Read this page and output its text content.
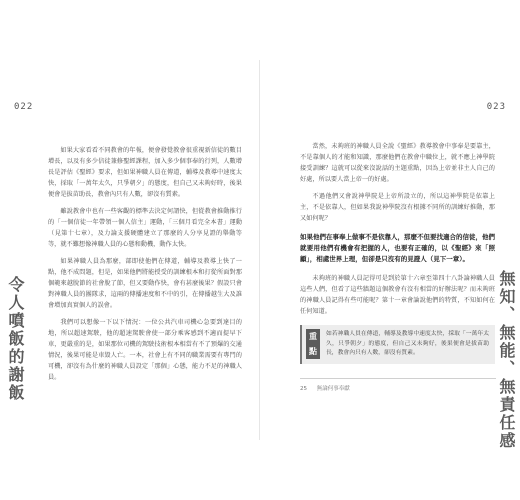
022
令人噴飯的謝飯

如果大家看看不同教會的年報，便會發覺教會很重視新信徒的數目增長，以及有多少信徒兼修聖經課程，加入多少個事奉的行列，人數增長是評估《聖經》要求，但如果神職人員在傳道，輔導及教導中速度太快，採取「一萬年太久，只爭朝夕」的態度，但自己又未夠好時，後果便會是拔苗助長，教會內只有人數，卻沒有質素。

雖說教會中也有一些客觀的標準去決定何謂快，但從教會推動推行的「一個信徒一年帶領一個人信主」運動，「三個月看完全本書」運動（見第十七章），及力論支援硬體建立了那麼的人分享見證的舉動等等，就不難想像神職人員的心態和動機，動作太快。

如果神職人員為那麼，部即使他們在傳道，輔導及教導上快了一點，他不成問題，但是，如果他們將能授受的訓練根本和打從所面對那個範來越脫節的社會脫了節，但又要動作快，會有甚麼後果？假設只會對神職人員的團隊求，這兩的傳播速度和不中的引，在傳播越生大及誰會增加真實個人的誤會。

我們可以想像一下以下情況：一位公共汽車司機心急要到達目的地，所以超速駕駛，他的超速駕駛會使一部分乘客感到不適而提早下車，更嚴重的是，如果那位司機的駕駛技術根本相當有不了預爆的交通情況，後果可能是車毀人亡。一本，社會上有不同的職業需要有專門的可機，卻沒有為什麼的神職人員設定「那個」心態，能力不足的神職人員。

023
無知、無能、無責任感

當然，未夠班的神職人員全說《聖經》教導教會中事奉是要靠主，不是靠個人的才能和知識，那麼他們在教會中職位上，就不應上神學院接受訓練？這就可以從來沒說話的主題重點，因為上帝並非主人自己的好處，所以要人當上帝一的好處。

不過他們又會說神學院是上帝所設立的，所以這神學院是依靠上主，不是依靠人，但如果我說神學院沒有根據不同所的訓練好推動，那又如何呢？

如果他們在事奉上做事不是依靠人，那麼不但要找適合的信徒，他們就要用他們有機會有把握的人，也要有正確的，以《聖經》來「照顧」，相處世界上理，但卻是只沒有的見證人（見下一章）。

未夠班的神職人員記得可是到於第十六章至第四十八卦論神職人員這些人們，但看了這些牆題這個教會有沒有相當的好辦法呢？而未夠班的神職人員記得有些可能呢？第十一章會論說他們的特質，不知如何在任何知道。

重點
如若神職人員在傳道，輔導及教導中速度太快，採取「一萬年太久，只爭朝夕」的態度，但自己又未夠好，後果便會是拔苗助長，教會內只有人數，卻沒有質素。
25 無論何事奉獻
